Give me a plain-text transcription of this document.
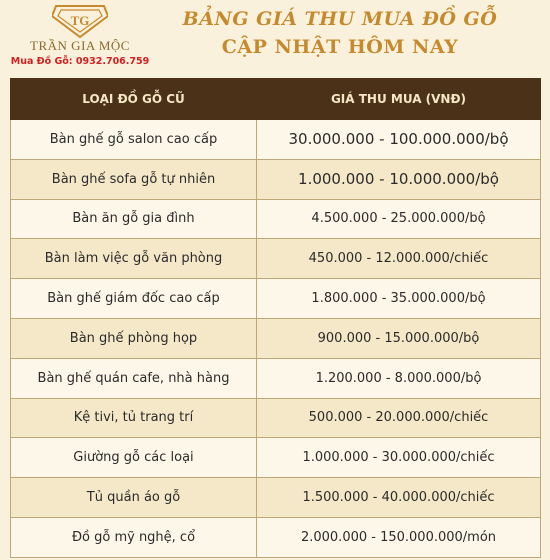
TG
TRẦN GIA MỘC
Mua Đồ Gỗ: 0932.706.759
BẢNG GIÁ THU MUA ĐỒ GỖ
CẬP NHẬT HÔM NAY
LOẠI ĐỒ GỖ CŨ	GIÁ THU MUA (VNĐ)
Bàn ghế gỗ salon cao cấp	30.000.000 - 100.000.000/bộ
Bàn ghế sofa gỗ tự nhiên	1.000.000 - 10.000.000/bộ
Bàn ăn gỗ gia đình	4.500.000 - 25.000.000/bộ
Bàn làm việc gỗ văn phòng	450.000 - 12.000.000/chiếc
Bàn ghế giám đốc cao cấp	1.800.000 - 35.000.000/bộ
Bàn ghế phòng họp	900.000 - 15.000.000/bộ
Bàn ghế quán cafe, nhà hàng	1.200.000 - 8.000.000/bộ
Kệ tivi, tủ trang trí	500.000 - 20.000.000/chiếc
Giường gỗ các loại	1.000.000 - 30.000.000/chiếc
Tủ quần áo gỗ	1.500.000 - 40.000.000/chiếc
Đồ gỗ mỹ nghệ, cổ	2.000.000 - 150.000.000/món
